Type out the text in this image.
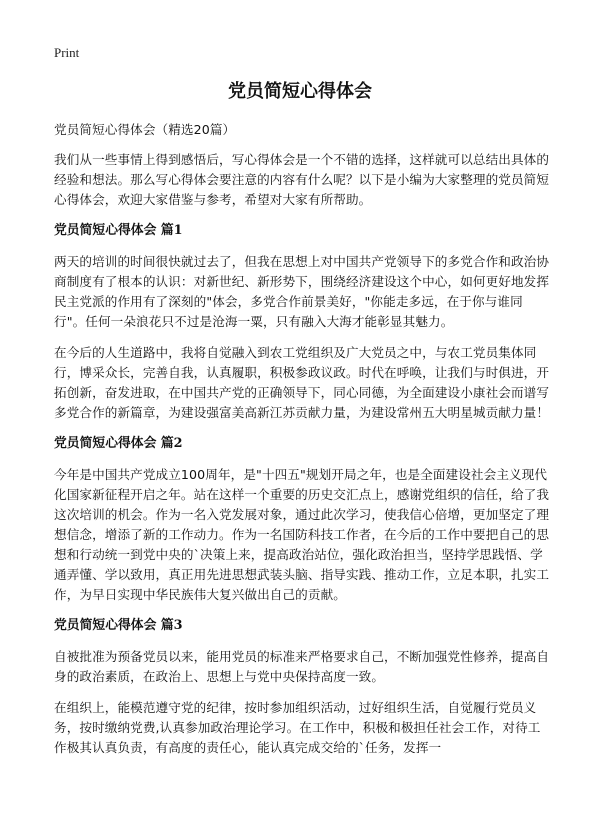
Print
党员简短心得体会

党员简短心得体会（精选20篇）

我们从一些事情上得到感悟后，写心得体会是一个不错的选择，这样就可以总结出具体的经验和想法。那么写心得体会要注意的内容有什么呢？以下是小编为大家整理的党员简短心得体会，欢迎大家借鉴与参考，希望对大家有所帮助。

党员简短心得体会 篇1

两天的培训的时间很快就过去了，但我在思想上对中国共产党领导下的多党合作和政治协商制度有了根本的认识：对新世纪、新形势下，围绕经济建设这个中心，如何更好地发挥民主党派的作用有了深刻的"体会，多党合作前景美好，"你能走多远，在于你与谁同行"。任何一朵浪花只不过是沧海一粟，只有融入大海才能彰显其魅力。

在今后的人生道路中，我将自觉融入到农工党组织及广大党员之中，与农工党员集体同行，博采众长，完善自我，认真履职，积极参政议政。时代在呼唤，让我们与时俱进，开拓创新，奋发进取，在中国共产党的正确领导下，同心同德，为全面建设小康社会而谱写多党合作的新篇章，为建设强富美高新江苏贡献力量，为建设常州五大明星城贡献力量！

党员简短心得体会 篇2

今年是中国共产党成立100周年，是"十四五"规划开局之年，也是全面建设社会主义现代化国家新征程开启之年。站在这样一个重要的历史交汇点上，感谢党组织的信任，给了我这次培训的机会。作为一名入党发展对象，通过此次学习，使我信心倍增，更加坚定了理想信念，增添了新的工作动力。作为一名国防科技工作者，在今后的工作中要把自己的思想和行动统一到党中央的`决策上来，提高政治站位，强化政治担当，坚持学思践悟、学通弄懂、学以致用，真正用先进思想武装头脑、指导实践、推动工作，立足本职，扎实工作，为早日实现中华民族伟大复兴做出自己的贡献。

党员简短心得体会 篇3

自被批准为预备党员以来，能用党员的标准来严格要求自己，不断加强党性修养，提高自身的政治素质，在政治上、思想上与党中央保持高度一致。

在组织上，能模范遵守党的纪律，按时参加组织活动，过好组织生活，自觉履行党员义务，按时缴纳党费,认真参加政治理论学习。在工作中，积极和极担任社会工作，对待工作极其认真负责，有高度的责任心，能认真完成交给的`任务，发挥一
